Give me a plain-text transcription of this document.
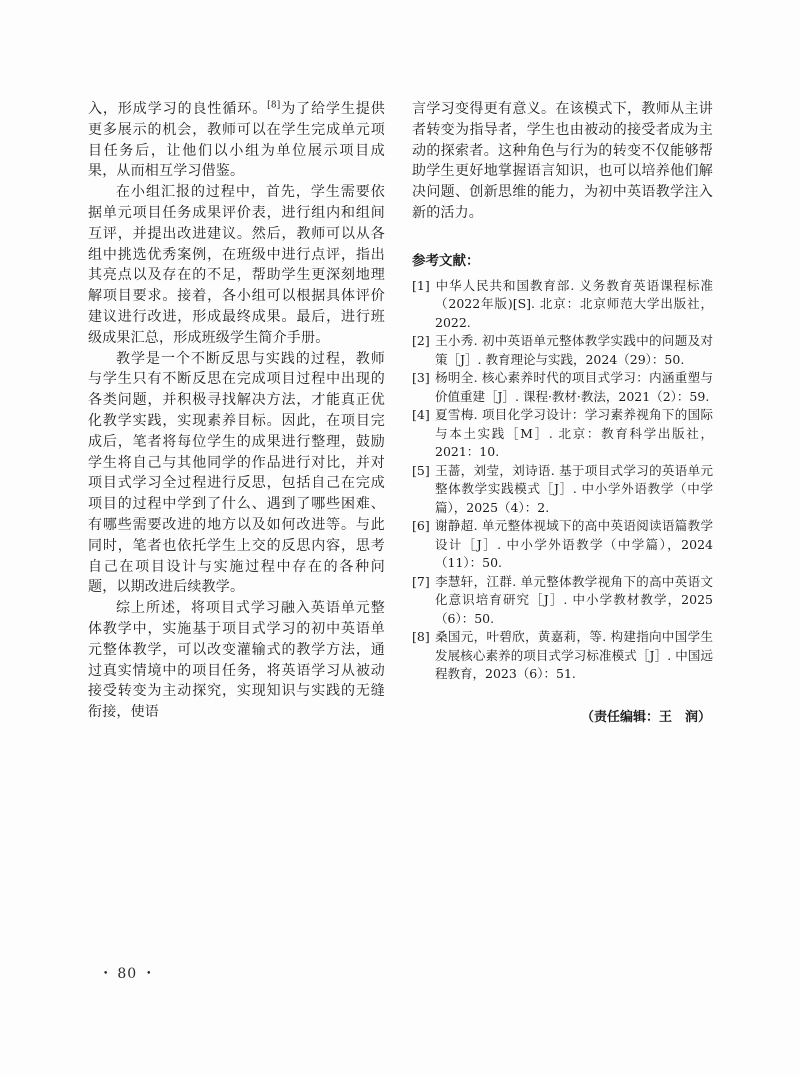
入，形成学习的良性循环。[8]为了给学生提供更多展示的机会，教师可以在学生完成单元项目任务后，让他们以小组为单位展示项目成果，从而相互学习借鉴。

在小组汇报的过程中，首先，学生需要依据单元项目任务成果评价表，进行组内和组间互评，并提出改进建议。然后，教师可以从各组中挑选优秀案例，在班级中进行点评，指出其亮点以及存在的不足，帮助学生更深刻地理解项目要求。接着，各小组可以根据具体评价建议进行改进，形成最终成果。最后，进行班级成果汇总，形成班级学生简介手册。

教学是一个不断反思与实践的过程，教师与学生只有不断反思在完成项目过程中出现的各类问题，并积极寻找解决方法，才能真正优化教学实践，实现素养目标。因此，在项目完成后，笔者将每位学生的成果进行整理，鼓励学生将自己与其他同学的作品进行对比，并对项目式学习全过程进行反思，包括自己在完成项目的过程中学到了什么、遇到了哪些困难、有哪些需要改进的地方以及如何改进等。与此同时，笔者也依托学生上交的反思内容，思考自己在项目设计与实施过程中存在的各种问题，以期改进后续教学。

综上所述，将项目式学习融入英语单元整体教学中，实施基于项目式学习的初中英语单元整体教学，可以改变灌输式的教学方法，通过真实情境中的项目任务，将英语学习从被动接受转变为主动探究，实现知识与实践的无缝衔接，使语

言学习变得更有意义。在该模式下，教师从主讲者转变为指导者，学生也由被动的接受者成为主动的探索者。这种角色与行为的转变不仅能够帮助学生更好地掌握语言知识，也可以培养他们解决问题、创新思维的能力，为初中英语教学注入新的活力。

参考文献：

[1] 中华人民共和国教育部. 义务教育英语课程标准（2022年版)[S]. 北京：北京师范大学出版社，2022.

[2] 王小秀. 初中英语单元整体教学实践中的问题及对策［J］. 教育理论与实践，2024（29）：50.

[3] 杨明全. 核心素养时代的项目式学习：内涵重塑与价值重建［J］. 课程·教材·教法，2021（2）：59.

[4] 夏雪梅. 项目化学习设计：学习素养视角下的国际与本土实践［M］. 北京：教育科学出版社，2021：10.

[5] 王蔷，刘莹，刘诗语. 基于项目式学习的英语单元整体教学实践模式［J］. 中小学外语教学（中学篇），2025（4）：2.

[6] 谢静超. 单元整体视域下的高中英语阅读语篇教学设计［J］. 中小学外语教学（中学篇），2024（11）：50.

[7] 李慧轩，江群. 单元整体教学视角下的高中英语文化意识培育研究［J］. 中小学教材教学，2025（6）：50.

[8] 桑国元，叶碧欣，黄嘉莉，等. 构建指向中国学生发展核心素养的项目式学习标准模式［J］. 中国远程教育，2023（6）：51.

（责任编辑：王　润）

• 80 •
